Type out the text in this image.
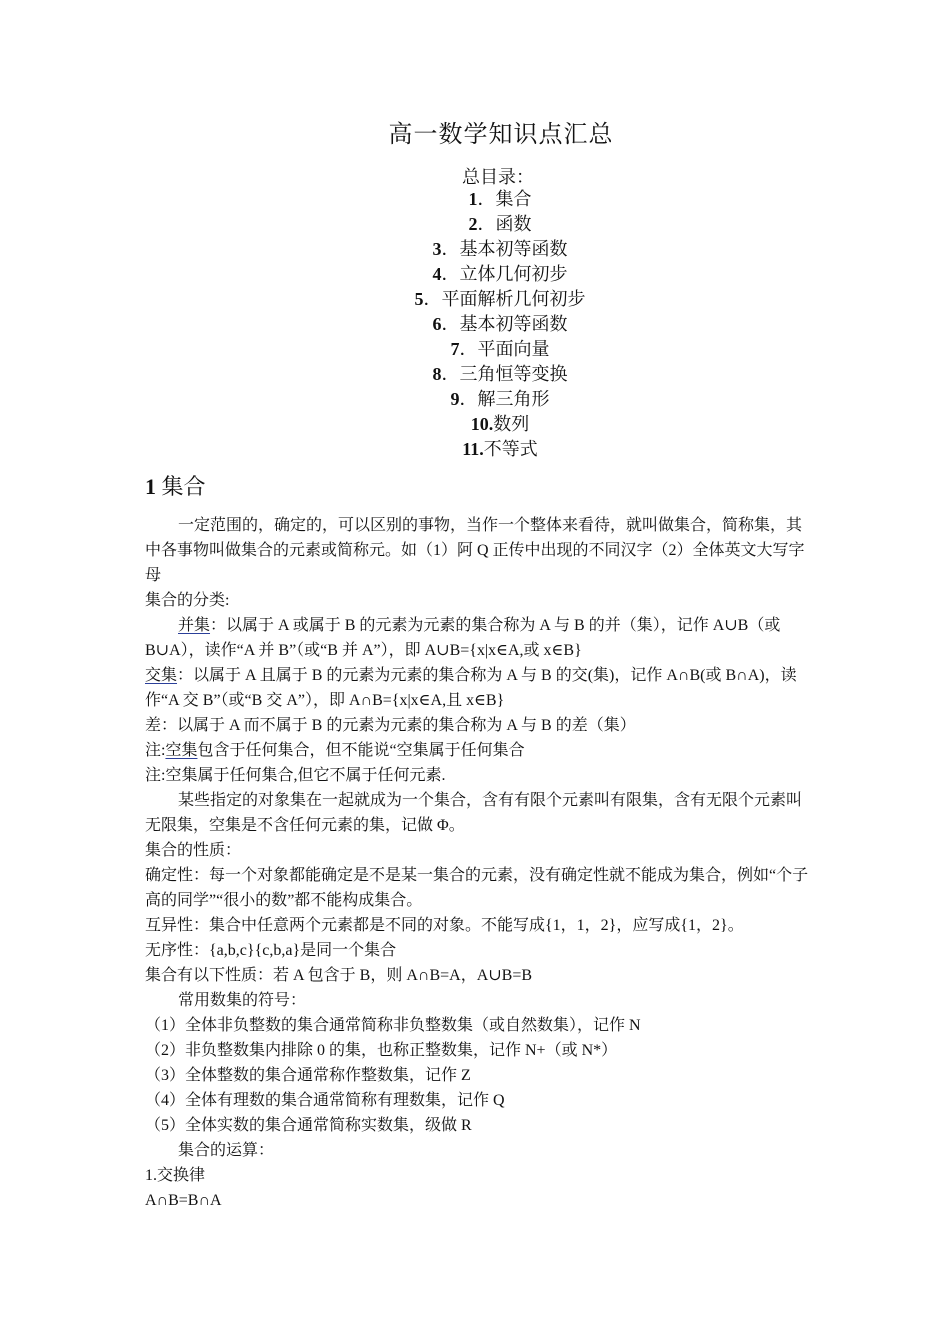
高一数学知识点汇总
总目录：
1．集合
2．函数
3．基本初等函数
4．立体几何初步
5．平面解析几何初步
6．基本初等函数
7．平面向量
8．三角恒等变换
9．解三角形
10.数列
11.不等式
1 集合

一定范围的，确定的，可以区别的事物，当作一个整体来看待，就叫做集合，简称集，其中各事物叫做集合的元素或简称元。如（1）阿 Q 正传中出现的不同汉字（2）全体英文大写字母

集合的分类:

并集：以属于 A 或属于 B 的元素为元素的集合称为 A 与 B 的并（集），记作 A∪B（或 B∪A），读作“A 并 B”（或“B 并 A”），即 A∪B={x|x∈A,或 x∈B}

交集：以属于 A 且属于 B 的元素为元素的集合称为 A 与 B 的交(集)，记作 A∩B(或 B∩A)，读作“A 交 B”（或“B 交 A”），即 A∩B={x|x∈A,且 x∈B}

差：以属于 A 而不属于 B 的元素为元素的集合称为 A 与 B 的差（集）

注:空集包含于任何集合，但不能说“空集属于任何集合

注:空集属于任何集合,但它不属于任何元素.

某些指定的对象集在一起就成为一个集合，含有有限个元素叫有限集，含有无限个元素叫无限集，空集是不含任何元素的集，记做 Φ。

集合的性质：

确定性：每一个对象都能确定是不是某一集合的元素，没有确定性就不能成为集合，例如“个子高的同学”“很小的数”都不能构成集合。

互异性：集合中任意两个元素都是不同的对象。不能写成{1，1，2}，应写成{1，2}。

无序性：{a,b,c}{c,b,a}是同一个集合

集合有以下性质：若 A 包含于 B，则 A∩B=A，A∪B=B

常用数集的符号：

（1）全体非负整数的集合通常简称非负整数集（或自然数集），记作 N

（2）非负整数集内排除 0 的集，也称正整数集，记作 N+（或 N*）

（3）全体整数的集合通常称作整数集，记作 Z

（4）全体有理数的集合通常简称有理数集，记作 Q

（5）全体实数的集合通常简称实数集，级做 R

集合的运算：

1.交换律

A∩B=B∩A
